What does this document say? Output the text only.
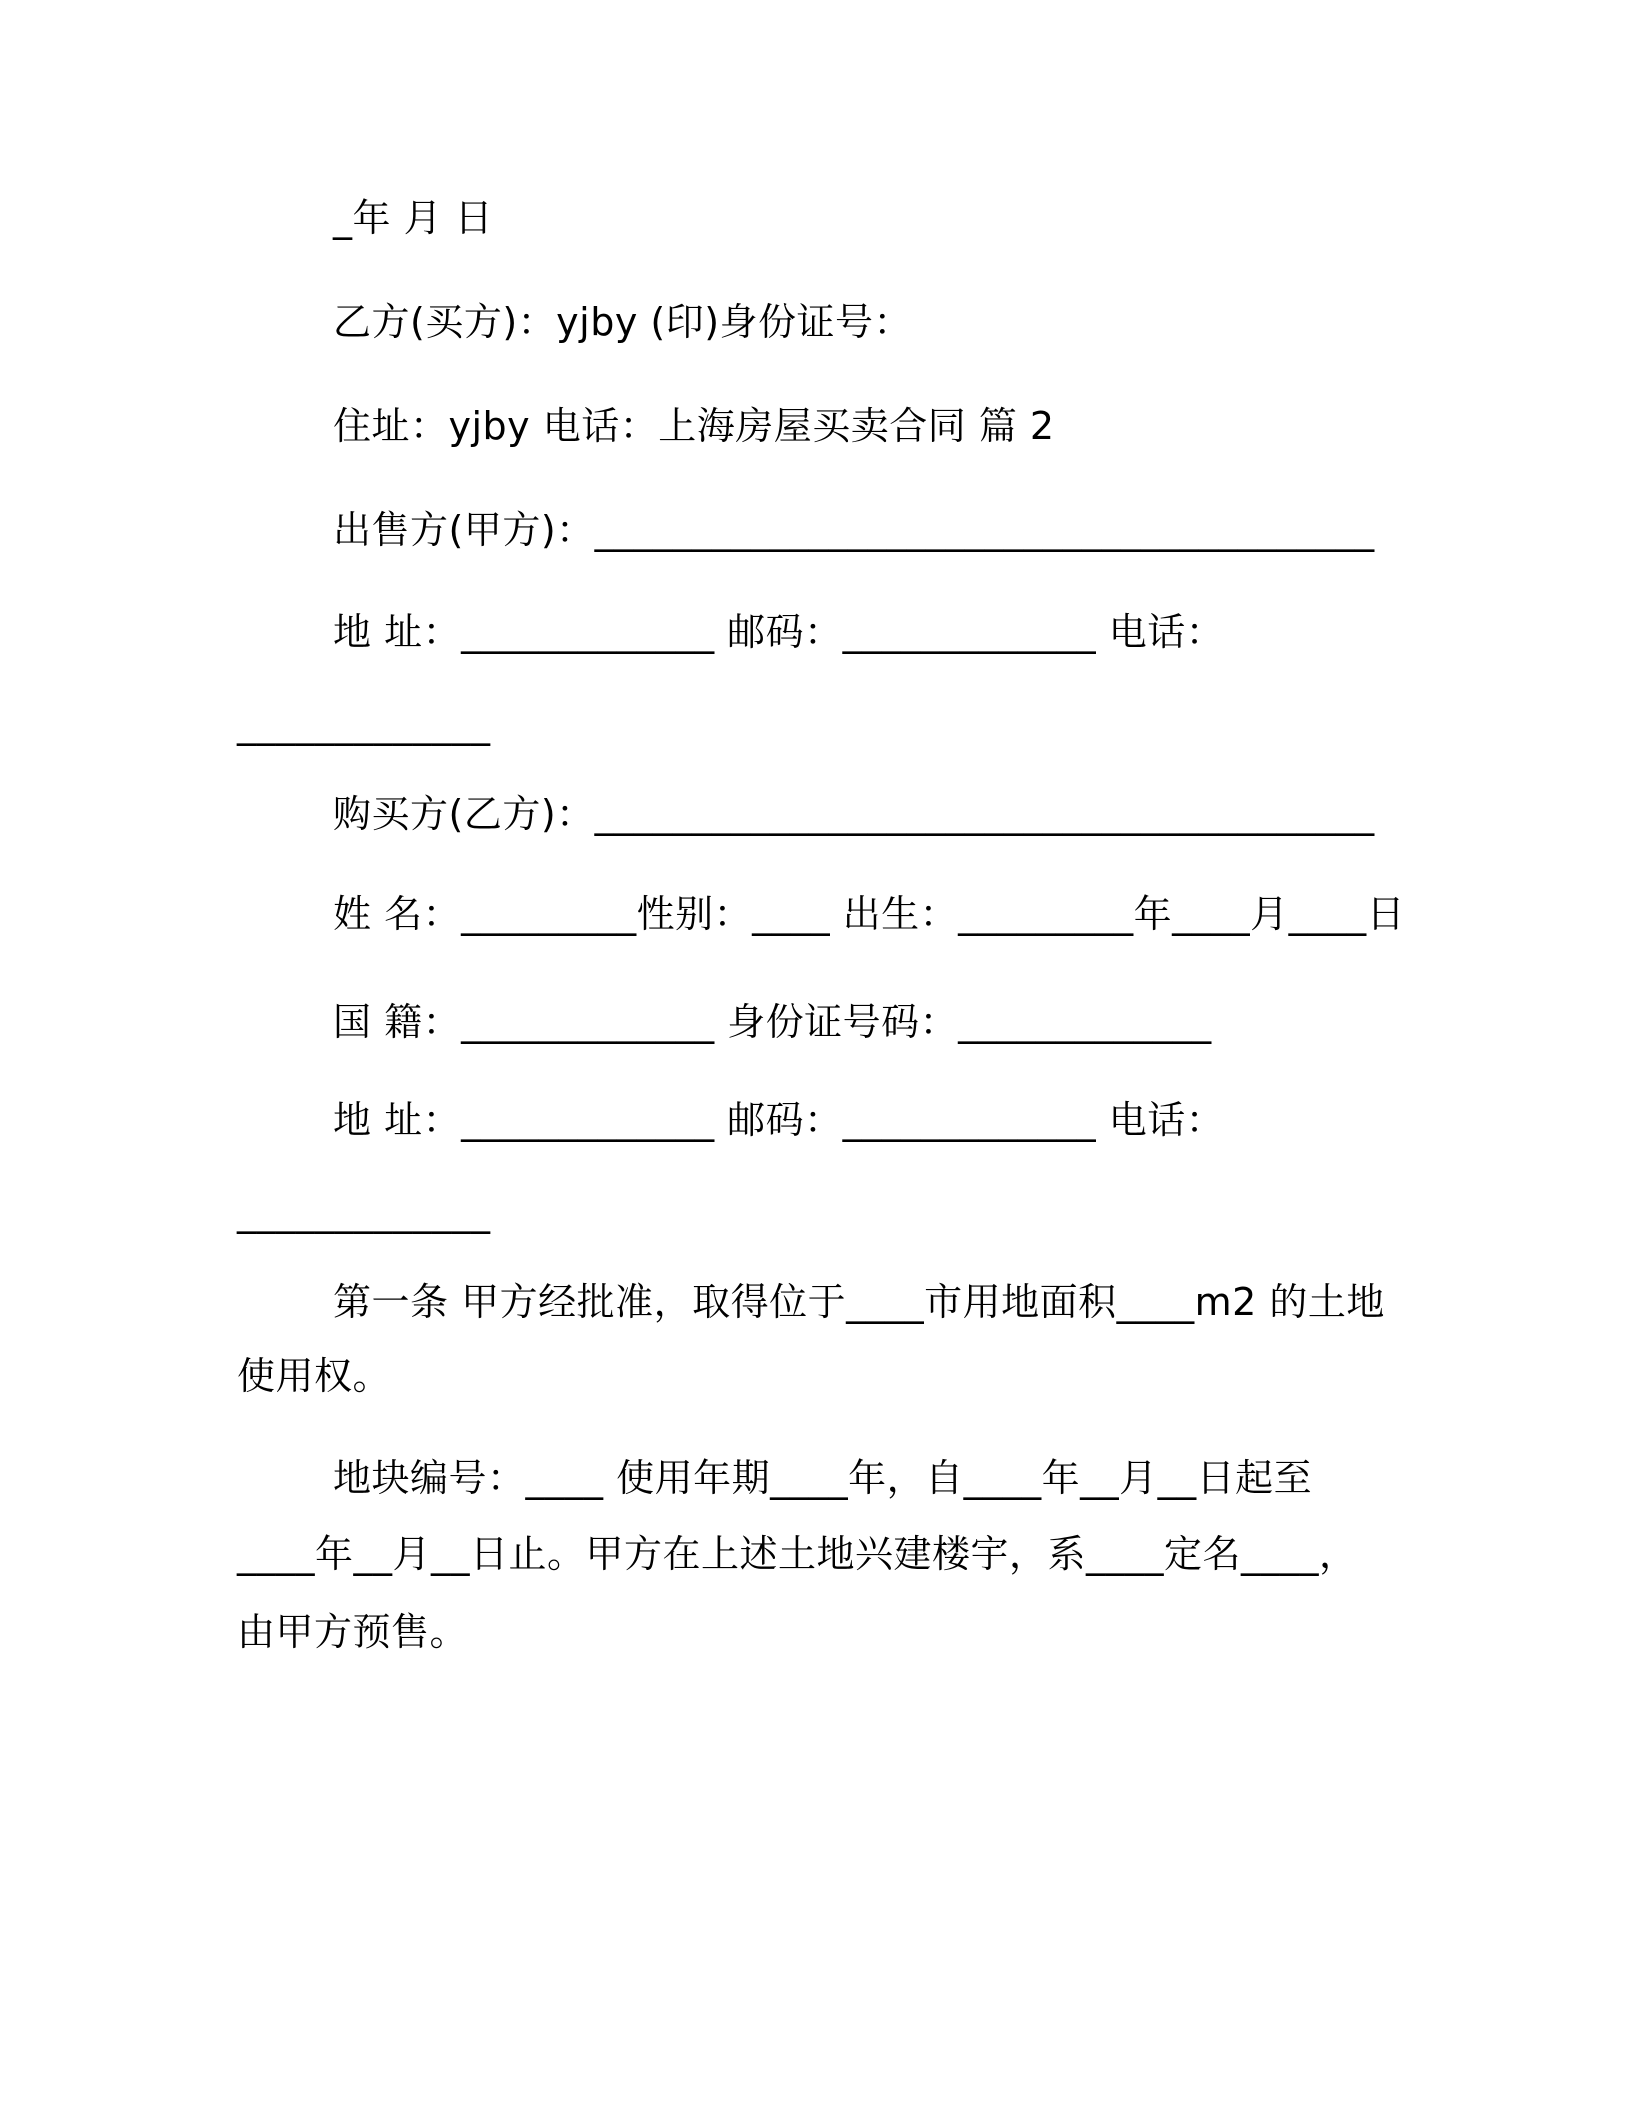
_年 月 日
乙方(买方)：yjby (印)身份证号：
住址：yjby 电话：上海房屋买卖合同 篇 2
出售方(甲方)：________________________________________
地 址：_____________ 邮码：_____________ 电话：
_____________
购买方(乙方)：________________________________________
姓 名：_________性别：____ 出生：_________年____月____日
国 籍：_____________ 身份证号码：_____________
地 址：_____________ 邮码：_____________ 电话：
_____________
第一条 甲方经批准，取得位于____市用地面积____m2 的土地
使用权。
地块编号：____ 使用年期____年，自____年__月__日起至
____年__月__日止。甲方在上述土地兴建楼宇，系____定名____，
由甲方预售。
